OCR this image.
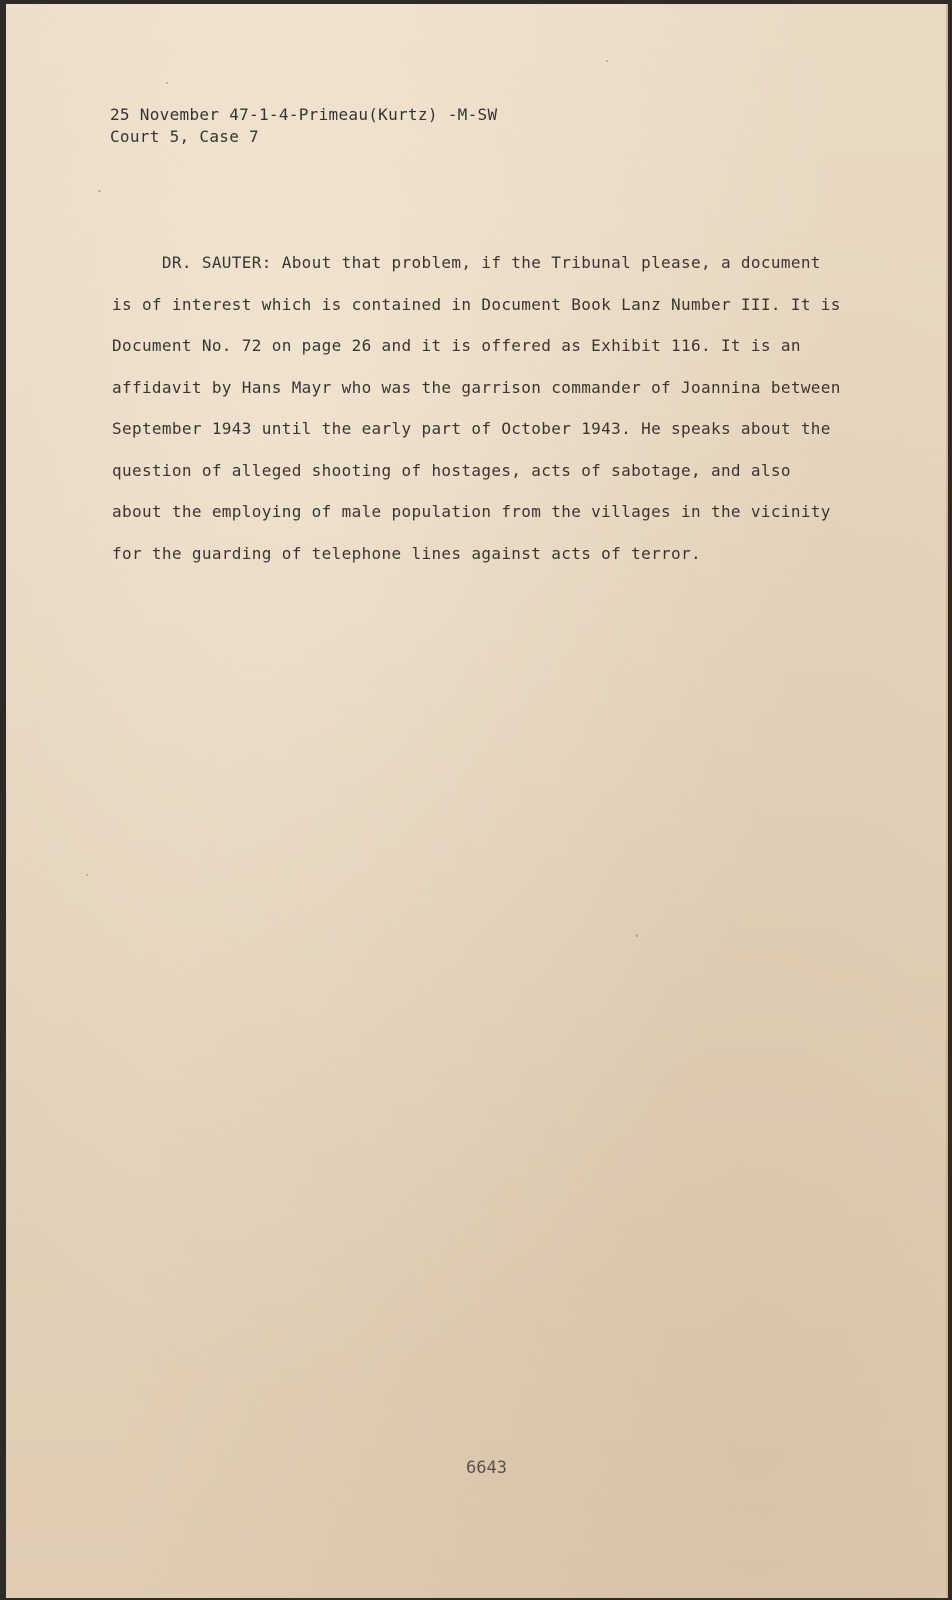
25 November 47-1-4-Primeau(Kurtz) -M-SW
Court 5, Case 7
DR. SAUTER: About that problem, if the Tribunal please, a document
is of interest which is contained in Document Book Lanz Number III. It is
Document No. 72 on page 26 and it is offered as Exhibit 116. It is an
affidavit by Hans Mayr who was the garrison commander of Joannina between
September 1943 until the early part of October 1943. He speaks about the
question of alleged shooting of hostages, acts of sabotage, and also
about the employing of male population from the villages in the vicinity
for the guarding of telephone lines against acts of terror.
6643
